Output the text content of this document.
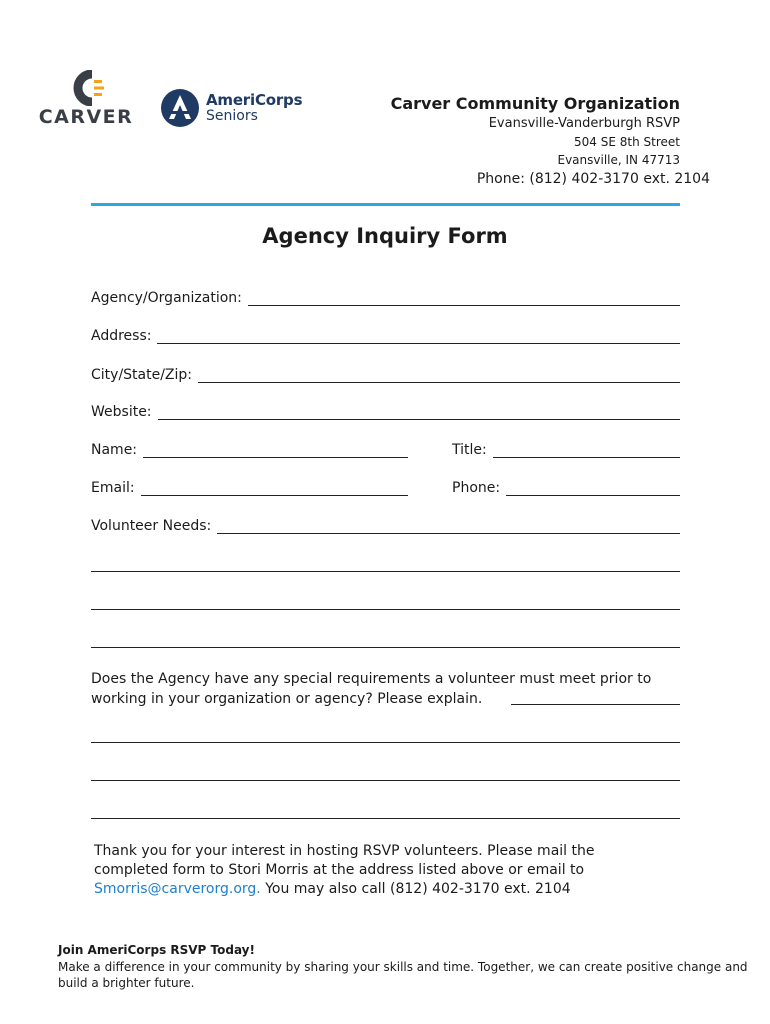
CARVER
AmeriCorps
Seniors
Carver Community Organization
Evansville-Vanderburgh RSVP
504 SE 8th Street
Evansville, IN 47713
Phone: (812) 402-3170 ext. 2104
Agency Inquiry Form
Agency/Organization:
Address:
City/State/Zip:
Website:
Name:	Title:
Email:	Phone:
Volunteer Needs:
Does the Agency have any special requirements a volunteer must meet prior to working in your organization or agency? Please explain.
Thank you for your interest in hosting RSVP volunteers. Please mail the completed form to Stori Morris at the address listed above or email to Smorris@carverorg.org. You may also call (812) 402-3170 ext. 2104
Join AmeriCorps RSVP Today!
Make a difference in your community by sharing your skills and time. Together, we can create positive change and build a brighter future.
